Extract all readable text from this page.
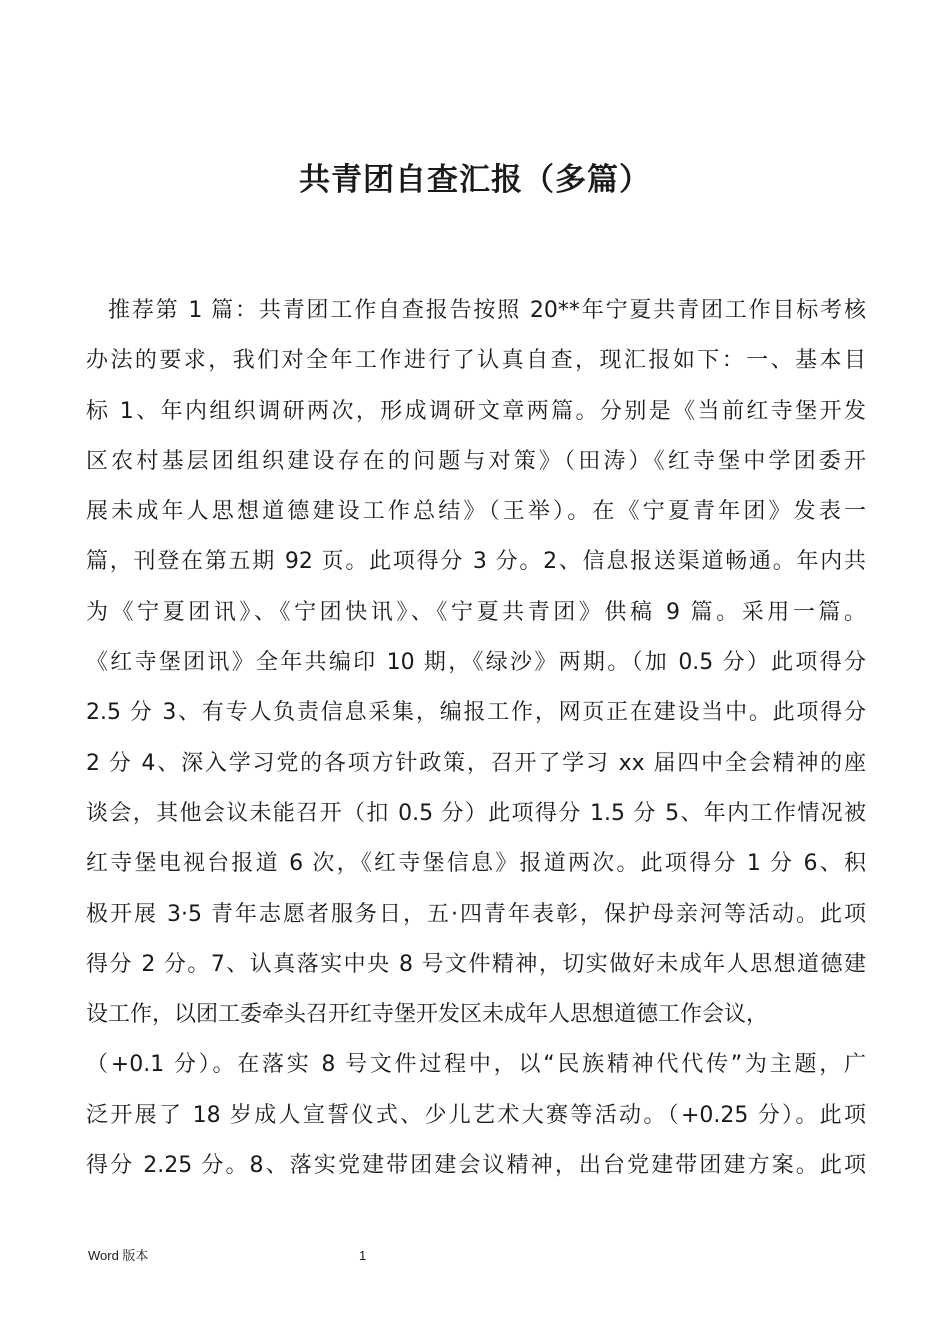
共青团自查汇报（多篇）
推荐第 1 篇：共青团工作自查报告按照 20**年宁夏共青团工作目标考核
办法的要求，我们对全年工作进行了认真自查，现汇报如下：一、基本目
标 1、年内组织调研两次，形成调研文章两篇。分别是《当前红寺堡开发
区农村基层团组织建设存在的问题与对策》（田涛）《红寺堡中学团委开
展未成年人思想道德建设工作总结》（王举）。在《宁夏青年团》发表一
篇，刊登在第五期 92 页。此项得分 3 分。2、信息报送渠道畅通。年内共
为《宁夏团讯》、《宁团快讯》、《宁夏共青团》供稿 9 篇。采用一篇。
《红寺堡团讯》全年共编印 10 期，《绿沙》两期。（加 0.5 分）此项得分
2.5 分 3、有专人负责信息采集，编报工作，网页正在建设当中。此项得分
2 分 4、深入学习党的各项方针政策，召开了学习 xx 届四中全会精神的座
谈会，其他会议未能召开（扣 0.5 分）此项得分 1.5 分 5、年内工作情况被
红寺堡电视台报道 6 次，《红寺堡信息》报道两次。此项得分 1 分 6、积
极开展 3·5 青年志愿者服务日，五·四青年表彰，保护母亲河等活动。此项
得分 2 分。7、认真落实中央 8 号文件精神，切实做好未成年人思想道德建
设工作，以团工委牵头召开红寺堡开发区未成年人思想道德工作会议，
（+0.1 分）。在落实 8 号文件过程中，以“民族精神代代传”为主题，广
泛开展了 18 岁成人宣誓仪式、少儿艺术大赛等活动。（+0.25 分）。此项
得分 2.25 分。8、落实党建带团建会议精神，出台党建带团建方案。此项
Word 版本	1
